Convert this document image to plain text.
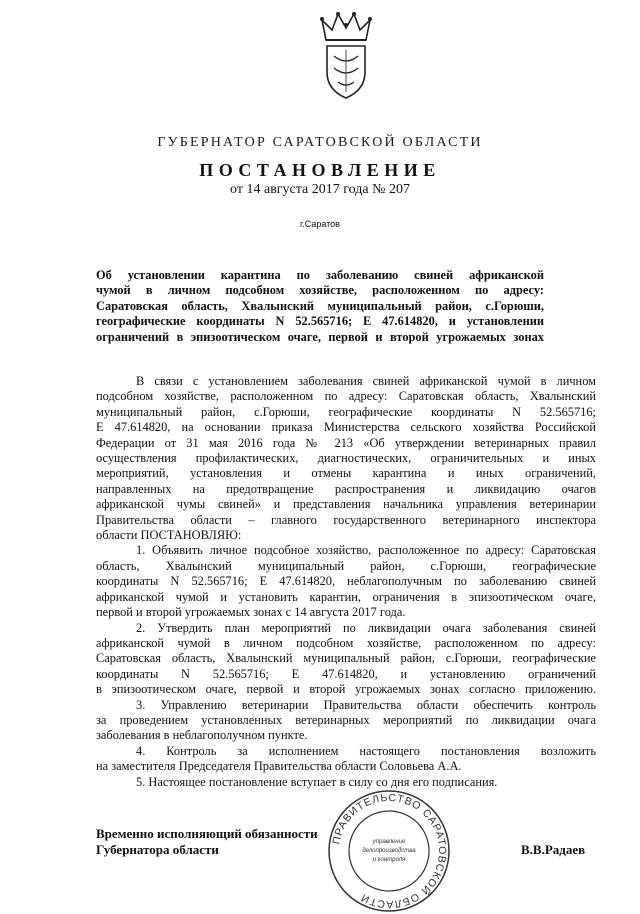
ГУБЕРНАТОР САРАТОВСКОЙ ОБЛАСТИ
ПОСТАНОВЛЕНИЕ
от 14 августа 2017 года № 207
г.Саратов
Об установлении карантина по заболеванию свиней африканской
чумой в личном подсобном хозяйстве, расположенном по адресу:
Саратовская область, Хвалынский муниципальный район, с.Горюши,
географические координаты N 52.565716; E 47.614820, и установлении
ограничений в эпизоотическом очаге, первой и второй угрожаемых зонах
В связи с установлением заболевания свиней африканской чумой в личном
подсобном хозяйстве, расположенном по адресу: Саратовская область, Хвалынский
муниципальный район, с.Горюши, географические координаты N 52.565716;
E 47.614820, на основании приказа Министерства сельского хозяйства Российской
Федерации от 31 мая 2016 года № 213 «Об утверждении ветеринарных правил
осуществления профилактических, диагностических, ограничительных и иных
мероприятий, установления и отмены карантина и иных ограничений,
направленных на предотвращение распространения и ликвидацию очагов
африканской чумы свиней» и представления начальника управления ветеринарии
Правительства области – главного государственного ветеринарного инспектора
области ПОСТАНОВЛЯЮ:
1. Объявить личное подсобное хозяйство, расположенное по адресу: Саратовская
область, Хвалынский муниципальный район, с.Горюши, географические
координаты N 52.565716; E 47.614820, неблагополучным по заболеванию свиней
африканской чумой и установить карантин, ограничения в эпизоотическом очаге,
первой и второй угрожаемых зонах с 14 августа 2017 года.
2. Утвердить план мероприятий по ликвидации очага заболевания свиней
африканской чумой в личном подсобном хозяйстве, расположенном по адресу:
Саратовская область, Хвалынский муниципальный район, с.Горюши, географические
координаты N 52.565716; E 47.614820, и установлению ограничений
в эпизоотическом очаге, первой и второй угрожаемых зонах согласно приложению.
3. Управлению ветеринарии Правительства области обеспечить контроль
за проведением установленных ветеринарных мероприятий по ликвидации очага
заболевания в неблагополучном пункте.
4. Контроль за исполнением настоящего постановления возложить
на заместителя Председателя Правительства области Соловьева А.А.
5. Настоящее постановление вступает в силу со дня его подписания.
Временно исполняющий обязанности
Губернатора области	В.В.Радаев
ПРАВИТЕЛЬСТВО САРАТОВСКОЙ ОБЛАСТИ
управление
делопроизводства
и контроля
